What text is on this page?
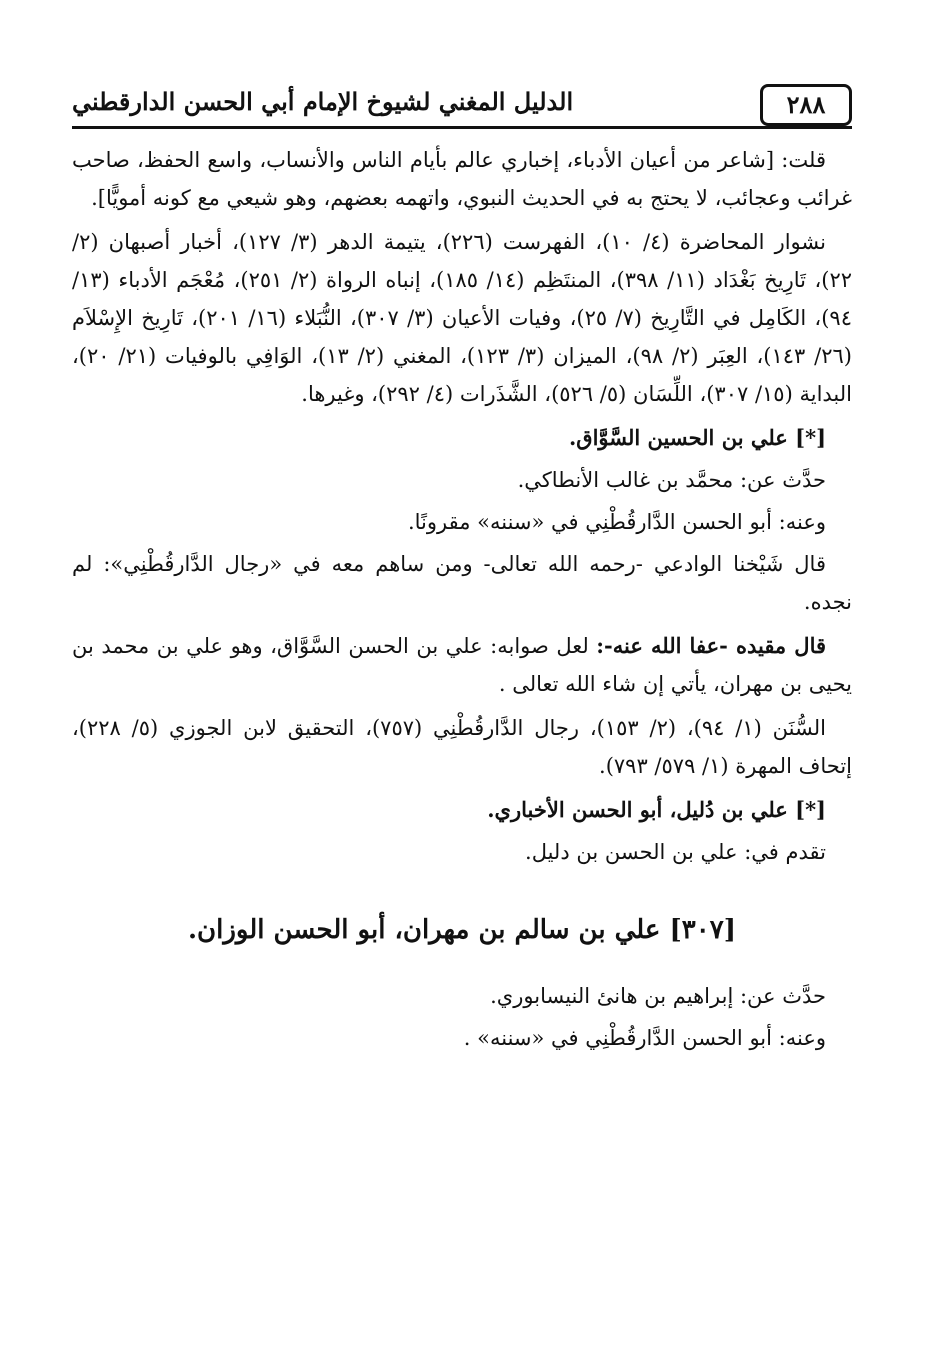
٢٨٨
الدليل المغني لشيوخ الإمام أبي الحسن الدارقطني

قلت: [شاعر من أعيان الأدباء، إخباري عالم بأيام الناس والأنساب، واسع الحفظ، صاحب غرائب وعجائب، لا يحتج به في الحديث النبوي، واتهمه بعضهم، وهو شيعي مع كونه أمويًّا].

نشوار المحاضرة (٤/ ١٠)، الفهرست (٢٢٦)، يتيمة الدهر (٣/ ١٢٧)، أخبار أصبهان (٢/ ٢٢)، تَارِيخ بَغْدَاد (١١/ ٣٩٨)، المنتَظِم (١٤/ ١٨٥)، إنباه الرواة (٢/ ٢٥١)، مُعْجَم الأدباء (١٣/ ٩٤)، الكَامِل في التَّارِيخ (٧/ ٢٥)، وفيات الأعيان (٣/ ٣٠٧)، النُّبَلاء (١٦/ ٢٠١)، تَارِيخ الإِسْلاَم (٢٦/ ١٤٣)، العِبَر (٢/ ٩٨)، الميزان (٣/ ١٢٣)، المغني (٢/ ١٣)، الوَافِي بالوفيات (٢١/ ٢٠)، البداية (١٥/ ٣٠٧)، اللِّسَان (٥/ ٥٢٦)، الشَّذَرات (٤/ ٢٩٢)، وغيرها.

[*] علي بن الحسين السَّوَّاق.

حدَّث عن: محمَّد بن غالب الأنطاكي.

وعنه: أبو الحسن الدَّارقُطْنِي في «سننه» مقرونًا.

قال شَيْخنا الوادعي -رحمه الله تعالى- ومن ساهم معه في «رجال الدَّارقُطْنِي»: لم نجده.

قال مقيده -عفا الله عنه-: لعل صوابه: علي بن الحسن السَّوَّاق، وهو علي بن محمد بن يحيى بن مهران، يأتي إن شاء الله تعالى .

السُّنَن (١/ ٩٤)، (٢/ ١٥٣)، رجال الدَّارقُطْنِي (٧٥٧)، التحقيق لابن الجوزي (٥/ ٢٢٨)، إتحاف المهرة (١/ ٥٧٩/ ٧٩٣).

[*] علي بن دُليل، أبو الحسن الأخباري.

تقدم في: علي بن الحسن بن دليل.

[٣٠٧] علي بن سالم بن مهران، أبو الحسن الوزان.

حدَّث عن: إبراهيم بن هانئ النيسابوري.

وعنه: أبو الحسن الدَّارقُطْنِي في «سننه» .
